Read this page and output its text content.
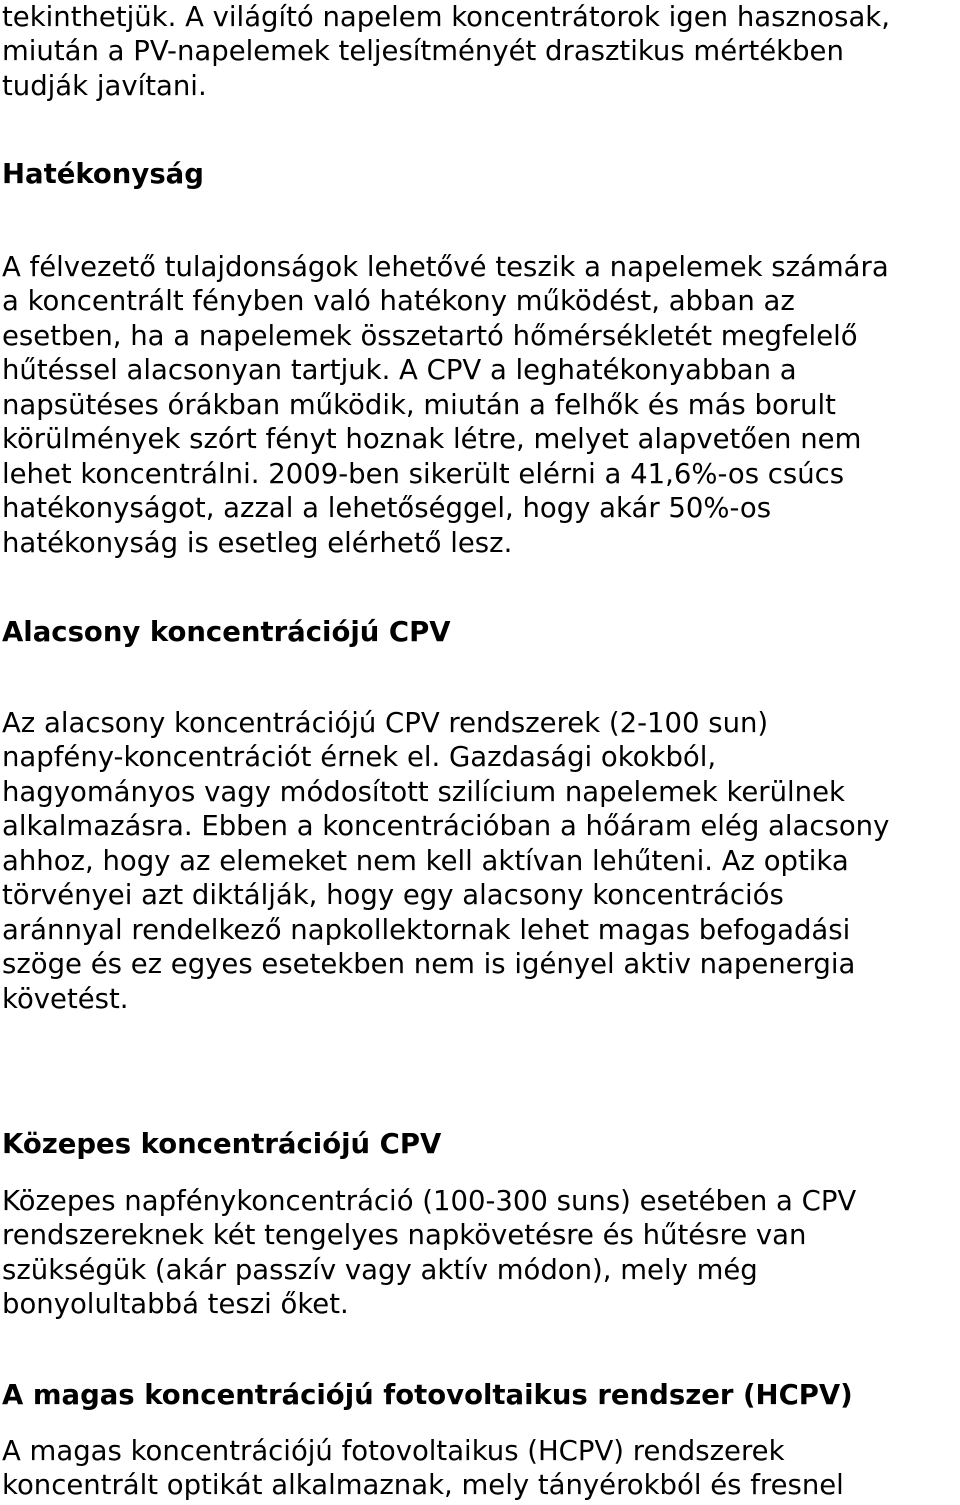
tekinthetjük. A világító napelem koncentrátorok igen hasznosak,
miután a PV-napelemek teljesítményét drasztikus mértékben
tudják javítani.
Hatékonyság
A félvezető tulajdonságok lehetővé teszik a napelemek számára
a koncentrált fényben való hatékony működést, abban az
esetben, ha a napelemek összetartó hőmérsékletét megfelelő
hűtéssel alacsonyan tartjuk. A CPV a leghatékonyabban a
napsütéses órákban működik, miután a felhők és más borult
körülmények szórt fényt hoznak létre, melyet alapvetően nem
lehet koncentrálni. 2009-ben sikerült elérni a 41,6%-os csúcs
hatékonyságot, azzal a lehetőséggel, hogy akár 50%-os
hatékonyság is esetleg elérhető lesz.
Alacsony koncentrációjú CPV
Az alacsony koncentrációjú CPV rendszerek (2-100 sun)
napfény-koncentrációt érnek el. Gazdasági okokból,
hagyományos vagy módosított szilícium napelemek kerülnek
alkalmazásra. Ebben a koncentrációban a hőáram elég alacsony
ahhoz, hogy az elemeket nem kell aktívan lehűteni. Az optika
törvényei azt diktálják, hogy egy alacsony koncentrációs
aránnyal rendelkező napkollektornak lehet magas befogadási
szöge és ez egyes esetekben nem is igényel aktiv napenergia
követést.
Közepes koncentrációjú CPV
Közepes napfénykoncentráció (100-300 suns) esetében a CPV
rendszereknek két tengelyes napkövetésre és hűtésre van
szükségük (akár passzív vagy aktív módon), mely még
bonyolultabbá teszi őket.
A magas koncentrációjú fotovoltaikus rendszer (HCPV)
A magas koncentrációjú fotovoltaikus (HCPV) rendszerek
koncentrált optikát alkalmaznak, mely tányérokból és fresnel
